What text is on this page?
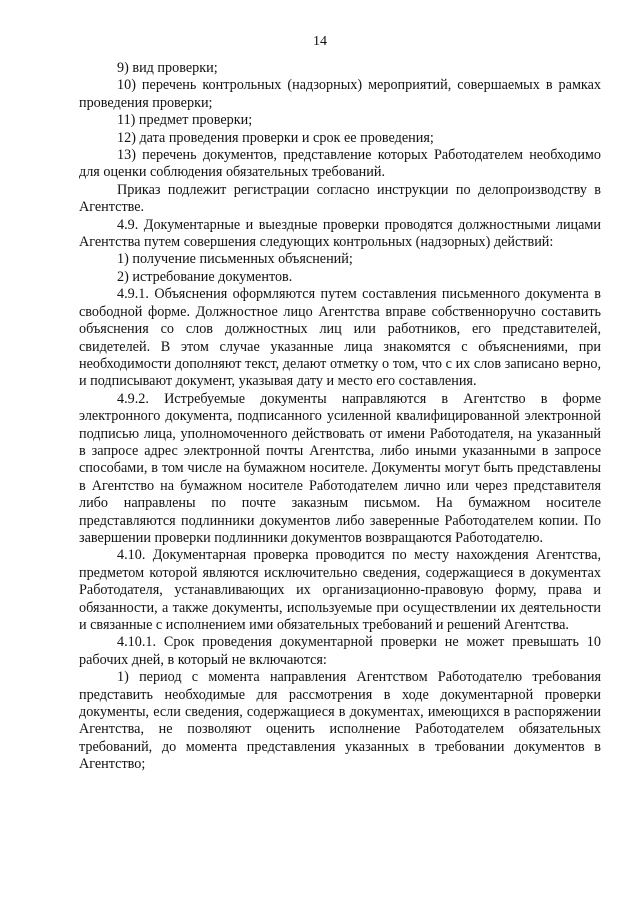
14

9) вид проверки;

10) перечень контрольных (надзорных) мероприятий, совершаемых в рамках проведения проверки;

11) предмет проверки;

12) дата проведения проверки и срок ее проведения;

13) перечень документов, представление которых Работодателем необходимо для оценки соблюдения обязательных требований.

Приказ подлежит регистрации согласно инструкции по делопроизводству в Агентстве.

4.9. Документарные и выездные проверки проводятся должностными лицами Агентства путем совершения следующих контрольных (надзорных) действий:

1) получение письменных объяснений;

2) истребование документов.

4.9.1. Объяснения оформляются путем составления письменного документа в свободной форме. Должностное лицо Агентства вправе собственноручно составить объяснения со слов должностных лиц или работников, его представителей, свидетелей. В этом случае указанные лица знакомятся с объяснениями, при необходимости дополняют текст, делают отметку о том, что с их слов записано верно, и подписывают документ, указывая дату и место его составления.

4.9.2. Истребуемые документы направляются в Агентство в форме электронного документа, подписанного усиленной квалифицированной электронной подписью лица, уполномоченного действовать от имени Работодателя, на указанный в запросе адрес электронной почты Агентства, либо иными указанными в запросе способами, в том числе на бумажном носителе. Документы могут быть представлены в Агентство на бумажном носителе Работодателем лично или через представителя либо направлены по почте заказным письмом. На бумажном носителе представляются подлинники документов либо заверенные Работодателем копии. По завершении проверки подлинники документов возвращаются Работодателю.

4.10. Документарная проверка проводится по месту нахождения Агентства, предметом которой являются исключительно сведения, содержащиеся в документах Работодателя, устанавливающих их организационно-правовую форму, права и обязанности, а также документы, используемые при осуществлении их деятельности и связанные с исполнением ими обязательных требований и решений Агентства.

4.10.1. Срок проведения документарной проверки не может превышать 10 рабочих дней, в который не включаются:

1) период с момента направления Агентством Работодателю требования представить необходимые для рассмотрения в ходе документарной проверки документы, если сведения, содержащиеся в документах, имеющихся в распоряжении Агентства, не позволяют оценить исполнение Работодателем обязательных требований, до момента представления указанных в требовании документов в Агентство;
